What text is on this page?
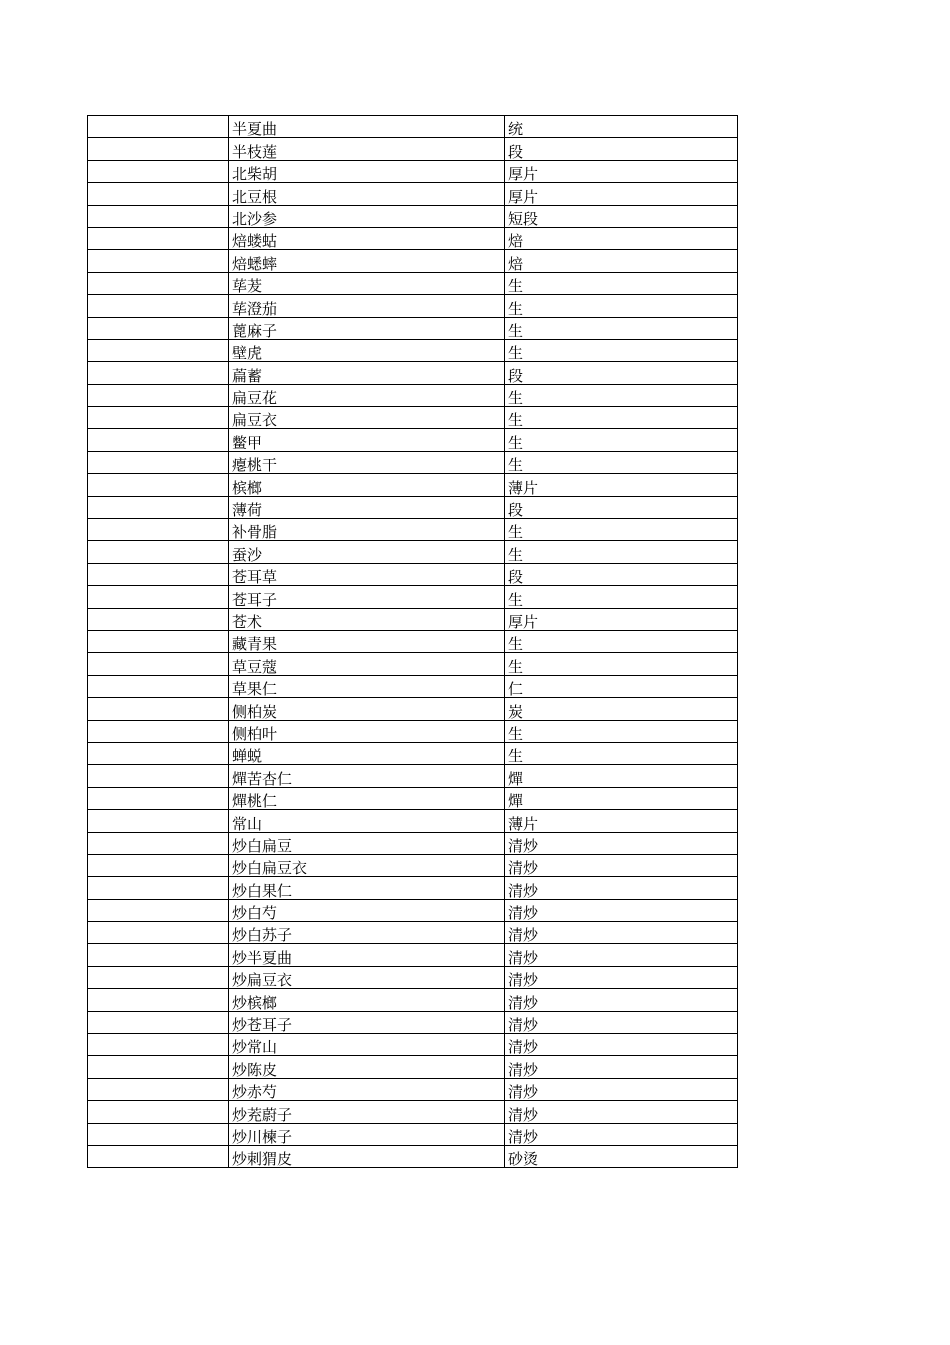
	半夏曲	统
	半枝莲	段
	北柴胡	厚片
	北豆根	厚片
	北沙参	短段
	焙蝼蛄	焙
	焙蟋蟀	焙
	荜茇	生
	荜澄茄	生
	蓖麻子	生
	壁虎	生
	萹蓄	段
	扁豆花	生
	扁豆衣	生
	鳖甲	生
	瘪桃干	生
	槟榔	薄片
	薄荷	段
	补骨脂	生
	蚕沙	生
	苍耳草	段
	苍耳子	生
	苍术	厚片
	藏青果	生
	草豆蔻	生
	草果仁	仁
	侧柏炭	炭
	侧柏叶	生
	蝉蜕	生
	燀苦杏仁	燀
	燀桃仁	燀
	常山	薄片
	炒白扁豆	清炒
	炒白扁豆衣	清炒
	炒白果仁	清炒
	炒白芍	清炒
	炒白苏子	清炒
	炒半夏曲	清炒
	炒扁豆衣	清炒
	炒槟榔	清炒
	炒苍耳子	清炒
	炒常山	清炒
	炒陈皮	清炒
	炒赤芍	清炒
	炒茺蔚子	清炒
	炒川楝子	清炒
	炒刺猬皮	砂烫
